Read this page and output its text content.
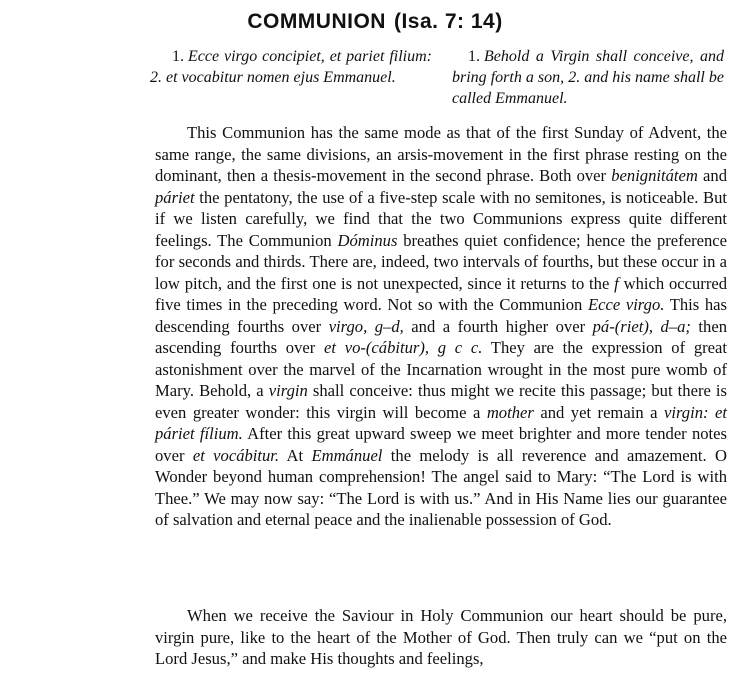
COMMUNION (Isa. 7: 14)

1. Ecce virgo concipiet, et pariet filium: 2. et vocabitur nomen ejus Emmanuel.

1. Behold a Virgin shall conceive, and bring forth a son, 2. and his name shall be called Emmanuel.

This Communion has the same mode as that of the first Sunday of Advent, the same range, the same divisions, an arsis-movement in the first phrase resting on the dominant, then a thesis-movement in the second phrase. Both over benignitátem and páriet the pentatony, the use of a five-step scale with no semitones, is noticeable. But if we listen carefully, we find that the two Communions express quite different feelings. The Communion Dóminus breathes quiet confidence; hence the preference for seconds and thirds. There are, indeed, two intervals of fourths, but these occur in a low pitch, and the first one is not unexpected, since it returns to the f which occurred five times in the preceding word. Not so with the Communion Ecce virgo. This has descending fourths over virgo, g–d, and a fourth higher over pá-(riet), d–a; then ascending fourths over et vo-(cábitur), g c c. They are the expression of great astonishment over the marvel of the Incarnation wrought in the most pure womb of Mary. Behold, a virgin shall conceive: thus might we recite this passage; but there is even greater wonder: this virgin will become a mother and yet remain a virgin: et páriet fílium. After this great upward sweep we meet brighter and more tender notes over et vocábitur. At Emmánuel the melody is all reverence and amazement. O Wonder beyond human comprehension! The angel said to Mary: “The Lord is with Thee.” We may now say: “The Lord is with us.” And in His Name lies our guarantee of salvation and eternal peace and the inalienable possession of God.

When we receive the Saviour in Holy Communion our heart should be pure, virgin pure, like to the heart of the Mother of God. Then truly can we “put on the Lord Jesus,” and make His thoughts and feelings,
